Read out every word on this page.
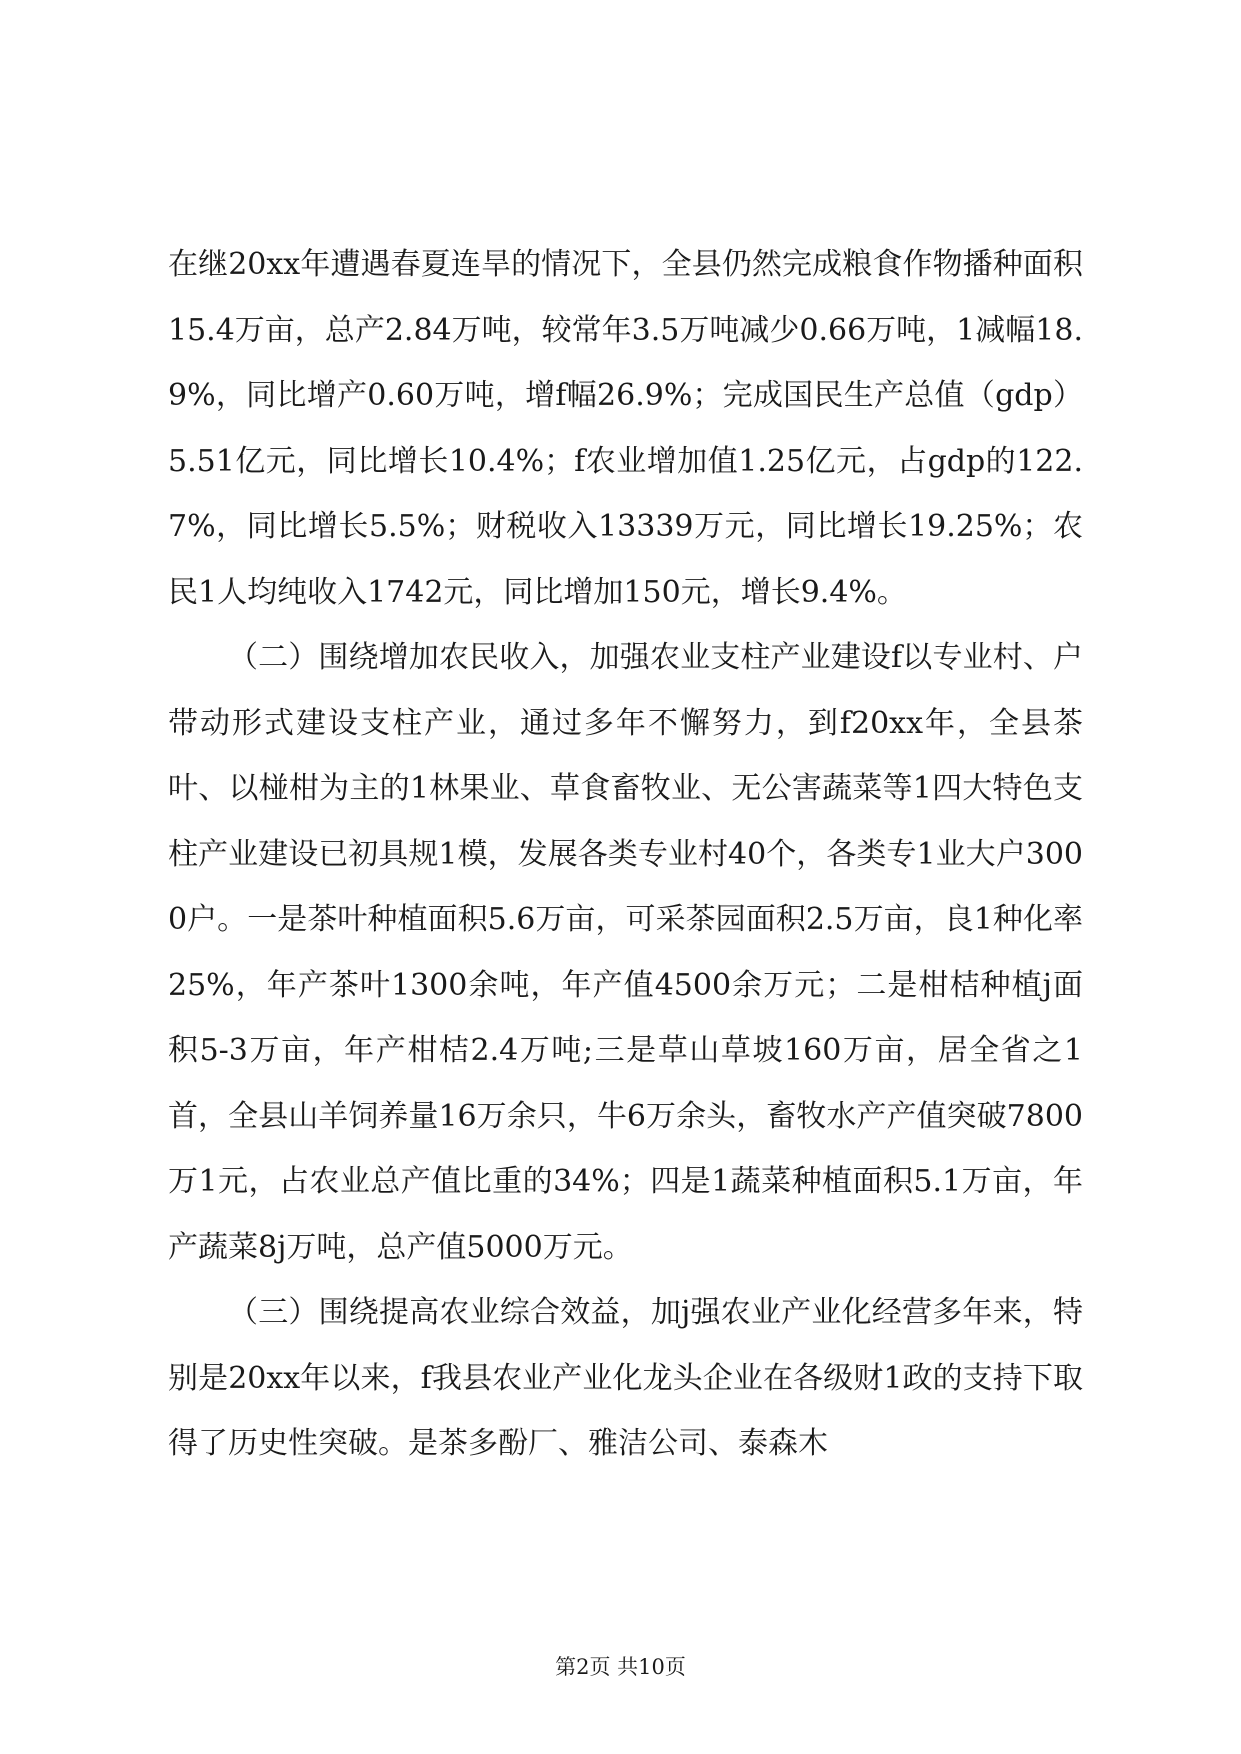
在继20xx年遭遇春夏连旱的情况下，全县仍然完成粮食作物播种面积15.4万亩，总产2.84万吨，较常年3.5万吨减少0.66万吨，1减幅18.9%，同比增产0.60万吨，增f幅26.9%；完成国民生产总值（gdp）5.51亿元，同比增长10.4%；f农业增加值1.25亿元，占gdp的122.7%，同比增长5.5%；财税收入13339万元，同比增长19.25%；农民1人均纯收入1742元，同比增加150元，增长9.4%。

（二）围绕增加农民收入，加强农业支柱产业建设f以专业村、户带动形式建设支柱产业，通过多年不懈努力，到f20xx年，全县茶叶、以椪柑为主的1林果业、草食畜牧业、无公害蔬菜等1四大特色支柱产业建设已初具规1模，发展各类专业村40个，各类专1业大户3000户。一是茶叶种植面积5.6万亩，可采茶园面积2.5万亩，良1种化率25%，年产茶叶1300余吨，年产值4500余万元；二是柑桔种植j面积5-3万亩，年产柑桔2.4万吨;三是草山草坡160万亩，居全省之1首，全县山羊饲养量16万余只，牛6万余头，畜牧水产产值突破7800万1元，占农业总产值比重的34%；四是1蔬菜种植面积5.1万亩，年产蔬菜8j万吨，总产值5000万元。

（三）围绕提高农业综合效益，加j强农业产业化经营多年来，特别是20xx年以来，f我县农业产业化龙头企业在各级财1政的支持下取得了历史性突破。是茶多酚厂、雅洁公司、泰森木

第2页 共10页
